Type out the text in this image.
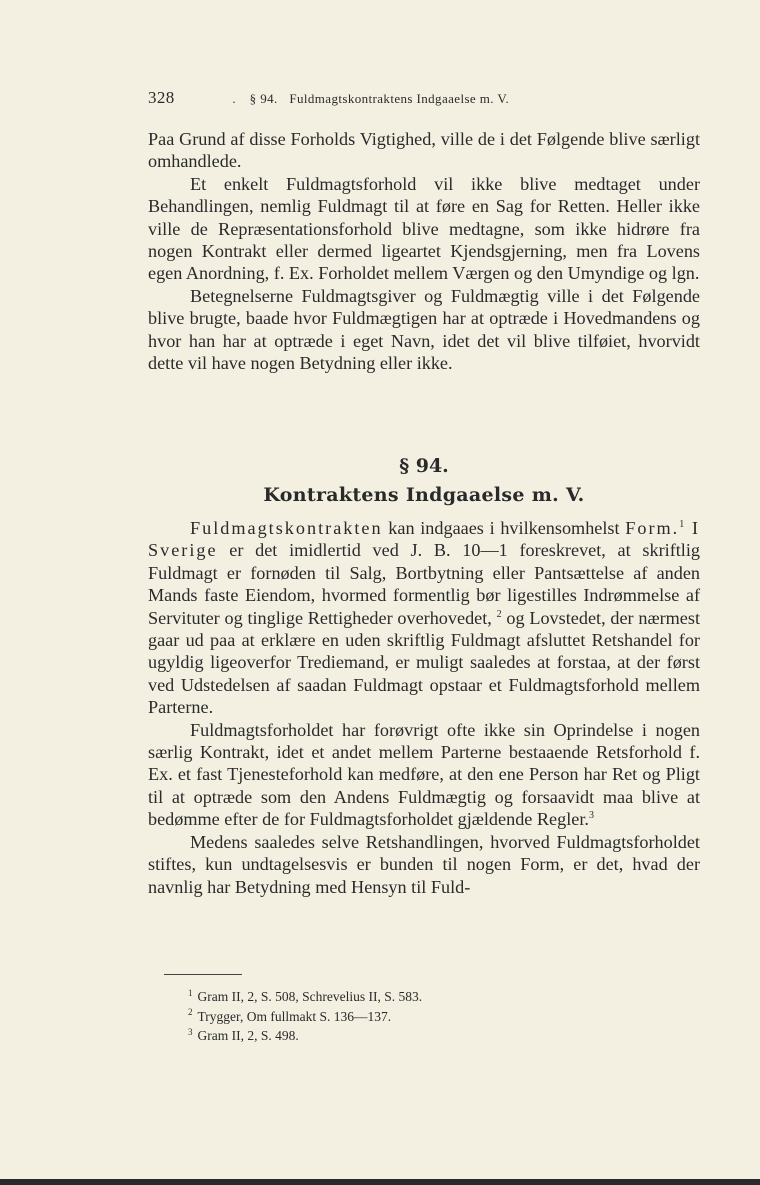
328	. § 94. Fuldmagtskontraktens Indgaaelse m. V.

Paa Grund af disse Forholds Vigtighed, ville de i det Følgende blive særligt omhandlede.

Et enkelt Fuldmagtsforhold vil ikke blive medtaget under Behandlingen, nemlig Fuldmagt til at føre en Sag for Retten. Heller ikke ville de Repræsentationsforhold blive medtagne, som ikke hidrøre fra nogen Kontrakt eller dermed ligeartet Kjendsgjerning, men fra Lovens egen Anordning, f. Ex. Forholdet mellem Værgen og den Umyndige og lgn.

Betegnelserne Fuldmagtsgiver og Fuldmægtig ville i det Følgende blive brugte, baade hvor Fuldmægtigen har at optræde i Hovedmandens og hvor han har at optræde i eget Navn, idet det vil blive tilføiet, hvorvidt dette vil have nogen Betydning eller ikke.

§ 94.
Kontraktens Indgaaelse m. V.

Fuldmagtskontrakten kan indgaaes i hvilkensomhelst Form.$^1$ I Sverige er det imidlertid ved J. B. 10—1 foreskrevet, at skriftlig Fuldmagt er fornøden til Salg, Bortbytning eller Pantsættelse af anden Mands faste Eiendom, hvormed formentlig bør ligestilles Indrømmelse af Servituter og tinglige Rettigheder overhovedet, $^2$ og Lovstedet, der nærmest gaar ud paa at erklære en uden skriftlig Fuldmagt afsluttet Retshandel for ugyldig ligeoverfor Trediemand, er muligt saaledes at forstaa, at der først ved Udstedelsen af saadan Fuldmagt opstaar et Fuldmagtsforhold mellem Parterne.

Fuldmagtsforholdet har forøvrigt ofte ikke sin Oprindelse i nogen særlig Kontrakt, idet et andet mellem Parterne bestaaende Retsforhold f. Ex. et fast Tjenesteforhold kan medføre, at den ene Person har Ret og Pligt til at optræde som den Andens Fuldmægtig og forsaavidt maa blive at bedømme efter de for Fuldmagtsforholdet gjældende Regler.$^3$

Medens saaledes selve Retshandlingen, hvorved Fuldmagtsforholdet stiftes, kun undtagelsesvis er bunden til nogen Form, er det, hvad der navnlig har Betydning med Hensyn til Fuld-

$^1$ Gram II, 2, S. 508, Schrevelius II, S. 583.
$^2$ Trygger, Om fullmakt S. 136—137.
$^3$ Gram II, 2, S. 498.
